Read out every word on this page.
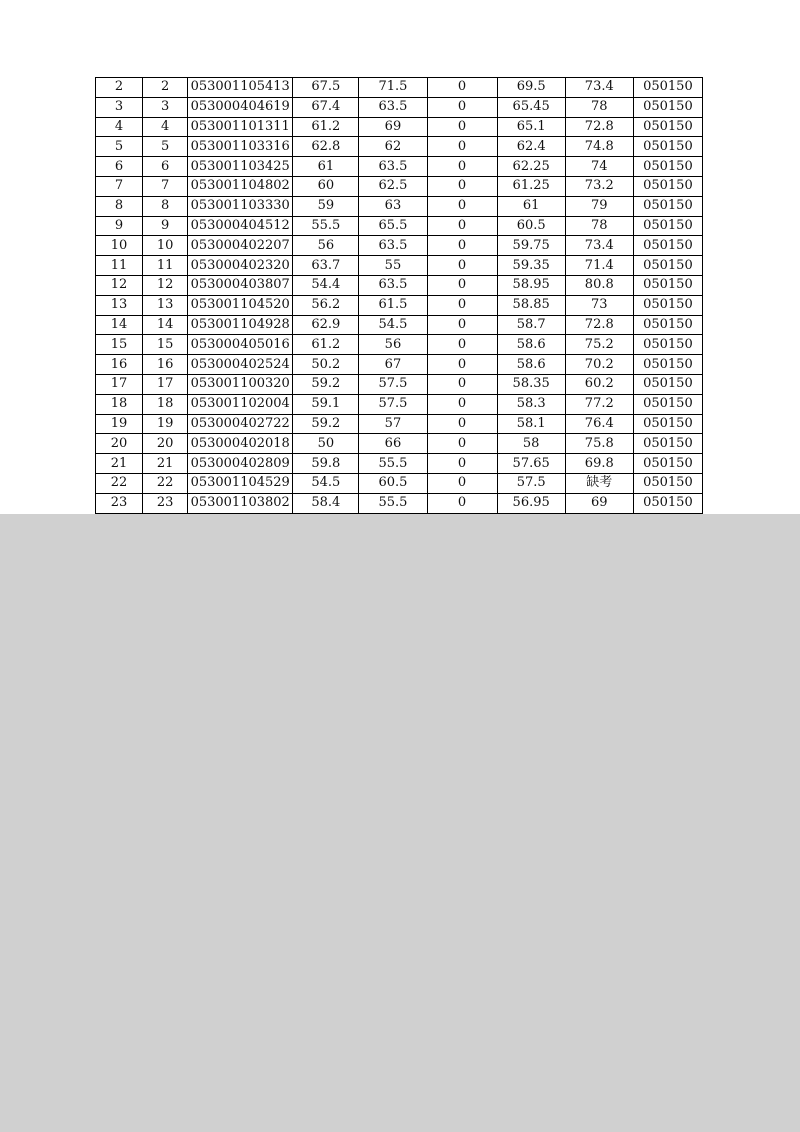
2	2	053001105413	67.5	71.5	0	69.5	73.4	050150
3	3	053000404619	67.4	63.5	0	65.45	78	050150
4	4	053001101311	61.2	69	0	65.1	72.8	050150
5	5	053001103316	62.8	62	0	62.4	74.8	050150
6	6	053001103425	61	63.5	0	62.25	74	050150
7	7	053001104802	60	62.5	0	61.25	73.2	050150
8	8	053001103330	59	63	0	61	79	050150
9	9	053000404512	55.5	65.5	0	60.5	78	050150
10	10	053000402207	56	63.5	0	59.75	73.4	050150
11	11	053000402320	63.7	55	0	59.35	71.4	050150
12	12	053000403807	54.4	63.5	0	58.95	80.8	050150
13	13	053001104520	56.2	61.5	0	58.85	73	050150
14	14	053001104928	62.9	54.5	0	58.7	72.8	050150
15	15	053000405016	61.2	56	0	58.6	75.2	050150
16	16	053000402524	50.2	67	0	58.6	70.2	050150
17	17	053001100320	59.2	57.5	0	58.35	60.2	050150
18	18	053001102004	59.1	57.5	0	58.3	77.2	050150
19	19	053000402722	59.2	57	0	58.1	76.4	050150
20	20	053000402018	50	66	0	58	75.8	050150
21	21	053000402809	59.8	55.5	0	57.65	69.8	050150
22	22	053001104529	54.5	60.5	0	57.5	缺考	050150
23	23	053001103802	58.4	55.5	0	56.95	69	050150
